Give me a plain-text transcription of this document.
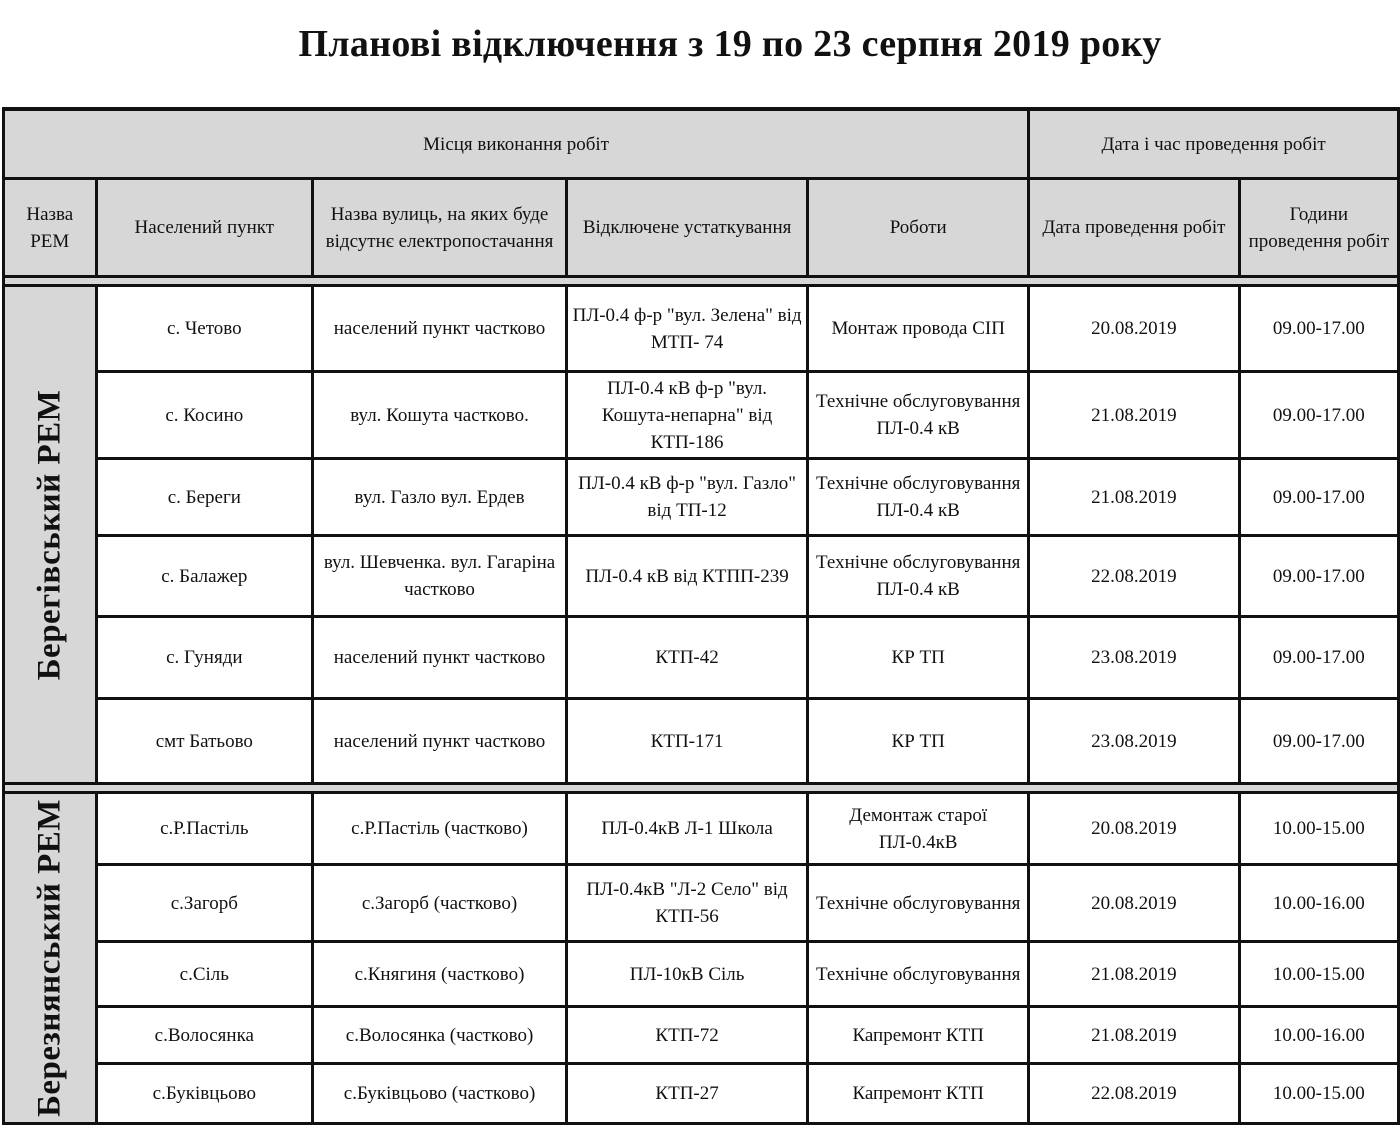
Планові відключення з 19 по 23 серпня 2019 року
Місця виконання робіт					Дата і час проведення робіт	
Назва РЕМ	Населений пункт	Назва вулиць, на яких буде відсутнє електропостачання	Відключене устаткування	Роботи	Дата проведення робіт	Години проведення робіт

Берегівський РЕМ	с. Четово	населений пункт частково	ПЛ-0.4 ф-р "вул. Зелена" від МТП- 74	Монтаж провода СІП	20.08.2019	09.00-17.00
	с. Косино	вул. Кошута частково.	ПЛ-0.4 кВ ф-р "вул. Кошута-непарна" від КТП-186	Технічне обслуговування ПЛ-0.4 кВ	21.08.2019	09.00-17.00
	с. Береги	вул. Газло вул. Ердев	ПЛ-0.4 кВ ф-р "вул. Газло" від ТП-12	Технічне обслуговування ПЛ-0.4 кВ	21.08.2019	09.00-17.00
	с. Балажер	вул. Шевченка. вул. Гагаріна частково	ПЛ-0.4 кВ від КТПП-239	Технічне обслуговування ПЛ-0.4 кВ	22.08.2019	09.00-17.00
	с. Гуняди	населений пункт частково	КТП-42	КР ТП	23.08.2019	09.00-17.00
	смт Батьово	населений пункт частково	КТП-171	КР ТП	23.08.2019	09.00-17.00

Березнянський РЕМ	с.Р.Пастіль	с.Р.Пастіль (частково)	ПЛ-0.4кВ Л-1 Школа	Демонтаж старої ПЛ-0.4кВ	20.08.2019	10.00-15.00
	с.Загорб	с.Загорб (частково)	ПЛ-0.4кВ "Л-2 Село" від КТП-56	Технічне обслуговування	20.08.2019	10.00-16.00
	с.Сіль	с.Княгиня (частково)	ПЛ-10кВ Сіль	Технічне обслуговування	21.08.2019	10.00-15.00
	с.Волосянка	с.Волосянка (частково)	КТП-72	Капремонт КТП	21.08.2019	10.00-16.00
	с.Буківцьово	с.Буківцьово (частково)	КТП-27	Капремонт КТП	22.08.2019	10.00-15.00
